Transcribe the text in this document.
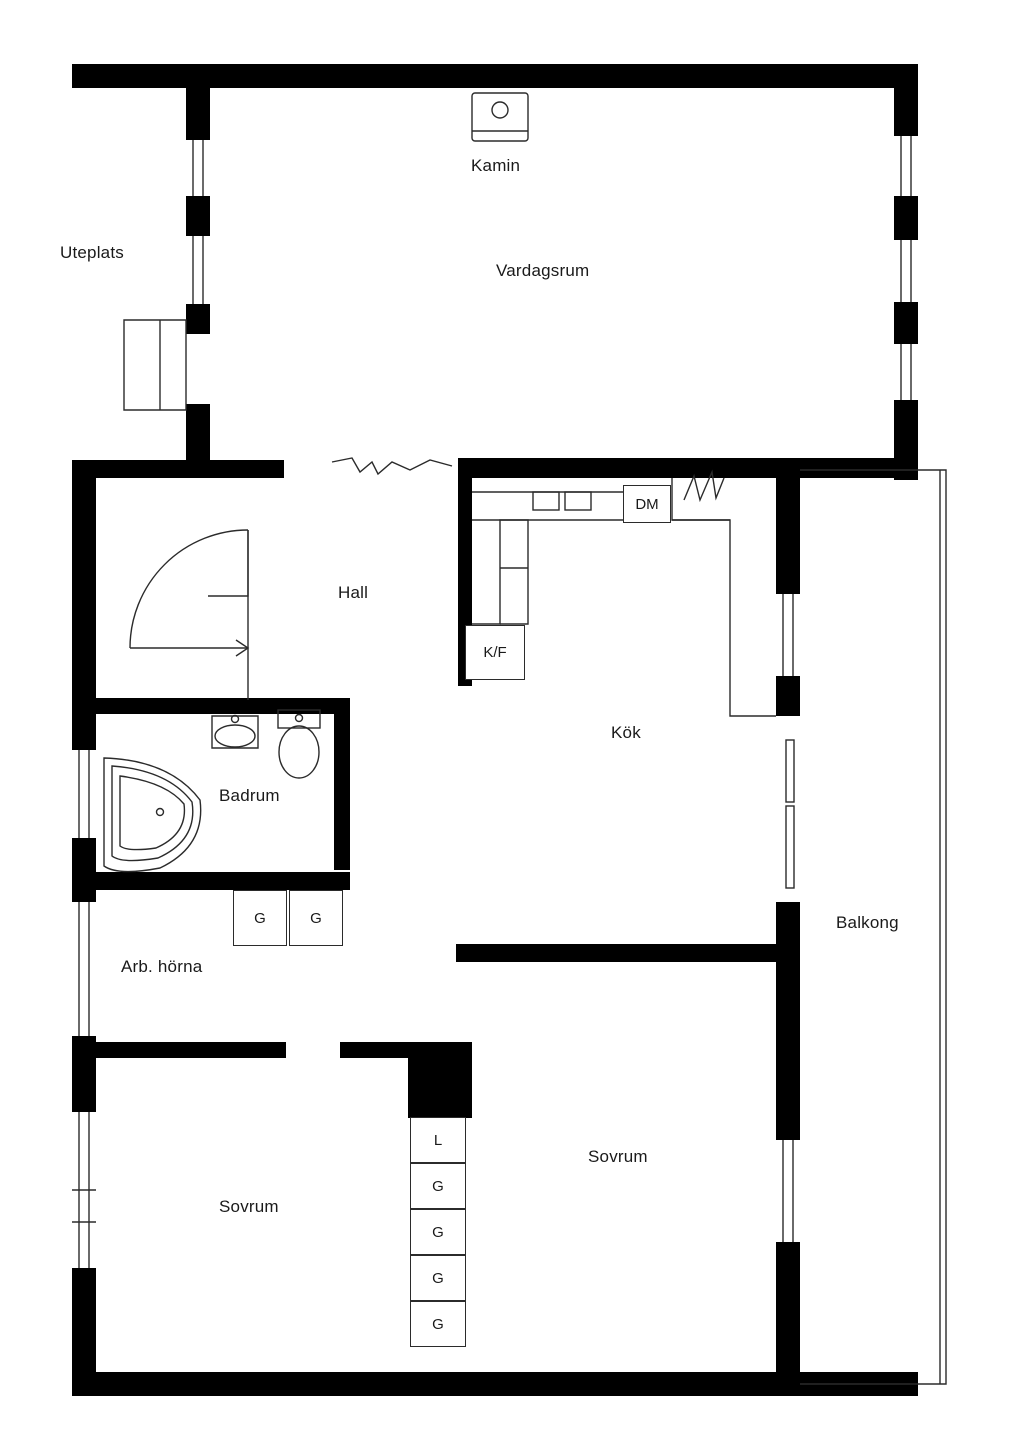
DM
K/F
G	G
L
G
G
G
G
Uteplats
Vardagsrum
Kamin
Hall
Kök
Badrum
Arb. hörna
Balkong
Sovrum
Sovrum
